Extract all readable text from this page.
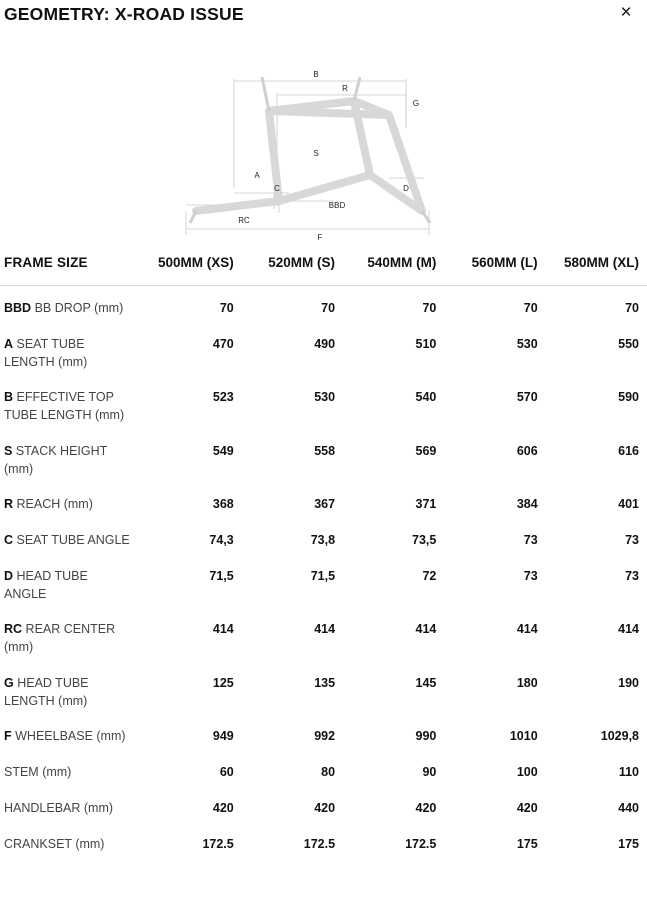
×
GEOMETRY: X-ROAD ISSUE
B
R
G
S
A
C	D
BBD
RC
F
FRAME SIZE	500MM (XS)	520MM (S)	540MM (M)	560MM (L)	580MM (XL)
BBD BB DROP (mm)	70	70	70	70	70
A SEAT TUBE LENGTH (mm)	470	490	510	530	550
B EFFECTIVE TOP TUBE LENGTH (mm)	523	530	540	570	590
S STACK HEIGHT (mm)	549	558	569	606	616
R REACH (mm)	368	367	371	384	401
C SEAT TUBE ANGLE	74,3	73,8	73,5	73	73
D HEAD TUBE ANGLE	71,5	71,5	72	73	73
RC REAR CENTER (mm)	414	414	414	414	414
G HEAD TUBE LENGTH (mm)	125	135	145	180	190
F WHEELBASE (mm)	949	992	990	1010	1029,8
STEM (mm)	60	80	90	100	110
HANDLEBAR (mm)	420	420	420	420	440
CRANKSET (mm)	172.5	172.5	172.5	175	175
